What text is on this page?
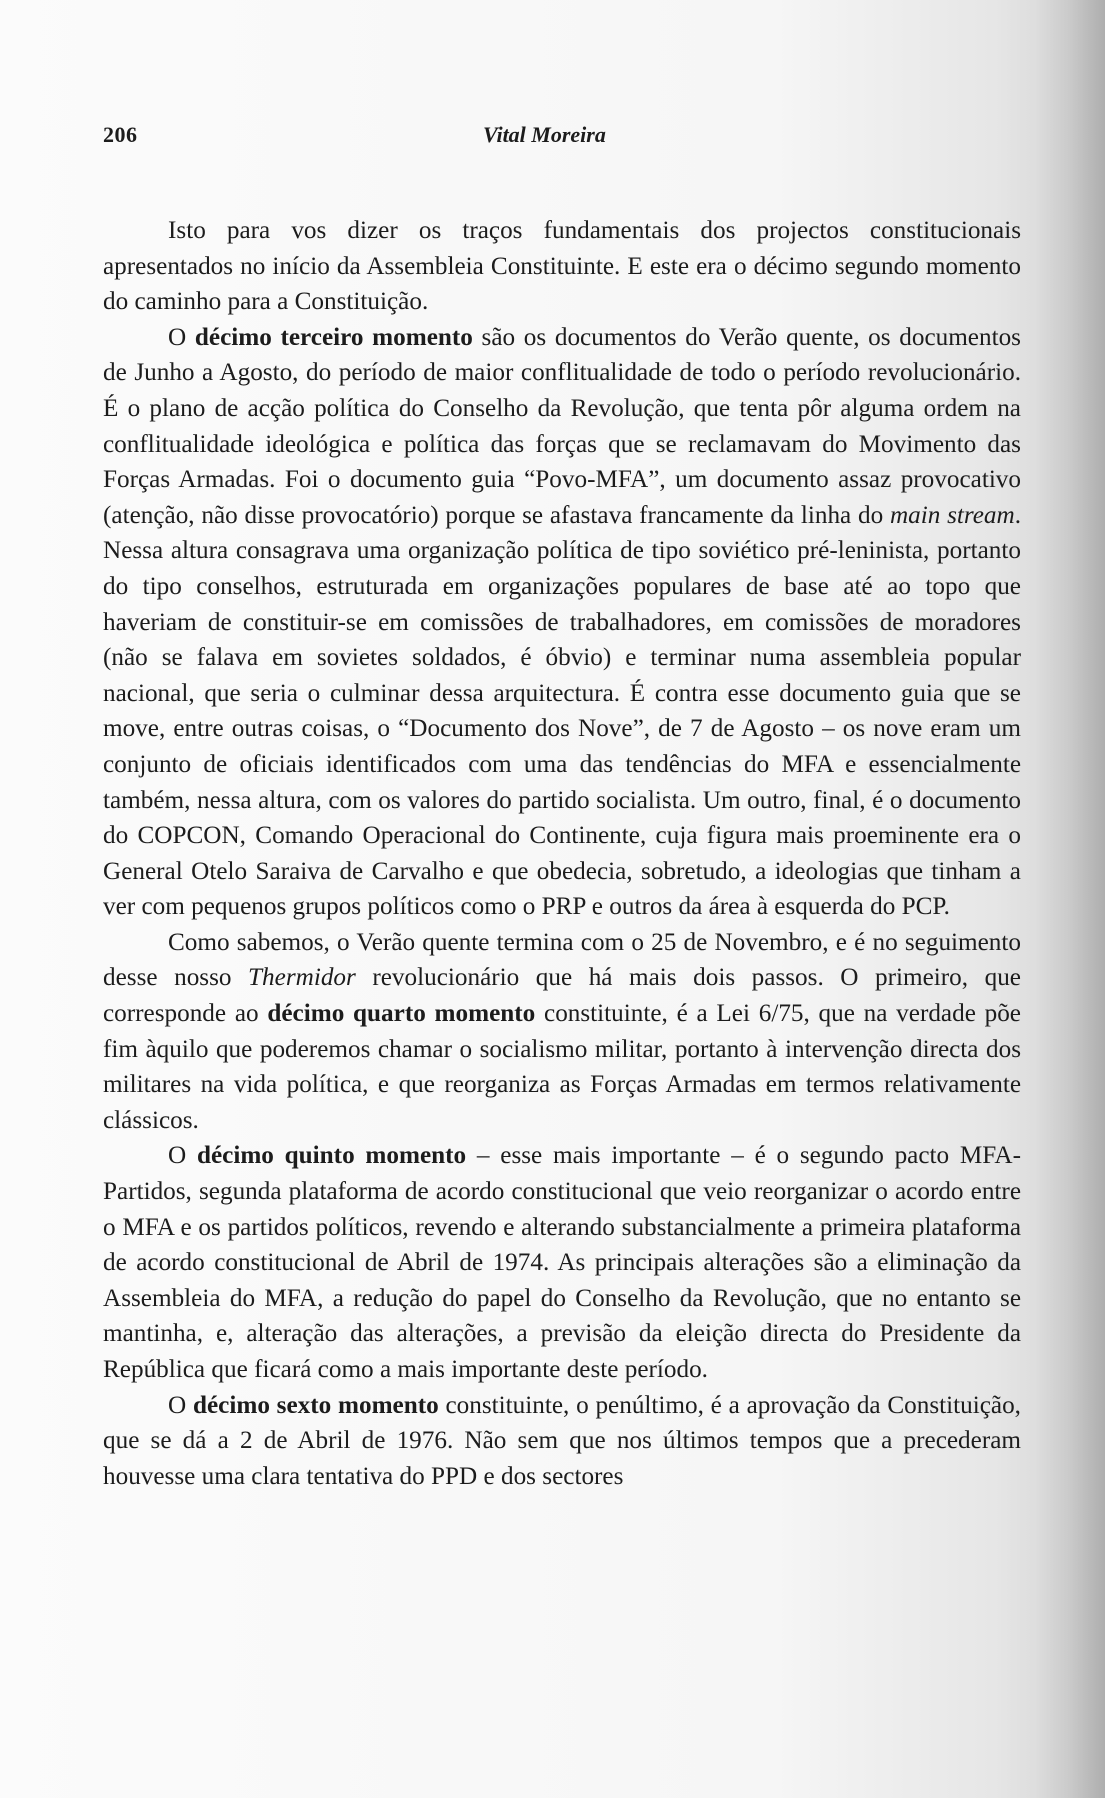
206	Vital Moreira

Isto para vos dizer os traços fundamentais dos projectos constitucionais apresentados no início da Assembleia Constituinte. E este era o décimo segundo momento do caminho para a Constituição.

O décimo terceiro momento são os documentos do Verão quente, os documentos de Junho a Agosto, do período de maior conflitualidade de todo o período revolucionário. É o plano de acção política do Conselho da Revolução, que tenta pôr alguma ordem na conflitualidade ideológica e política das forças que se reclamavam do Movimento das Forças Armadas. Foi o documento guia “Povo-MFA”, um documento assaz provocativo (atenção, não disse provocatório) porque se afastava francamente da linha do main stream. Nessa altura consagrava uma organização política de tipo soviético pré-leninista, portanto do tipo conselhos, estruturada em organizações populares de base até ao topo que haveriam de constituir-se em comissões de trabalhadores, em comissões de moradores (não se falava em sovietes soldados, é óbvio) e terminar numa assembleia popular nacional, que seria o culminar dessa arquitectura. É contra esse documento guia que se move, entre outras coisas, o “Documento dos Nove”, de 7 de Agosto – os nove eram um conjunto de oficiais identificados com uma das tendências do MFA e essencialmente também, nessa altura, com os valores do partido socialista. Um outro, final, é o documento do COPCON, Comando Operacional do Continente, cuja figura mais proeminente era o General Otelo Saraiva de Carvalho e que obedecia, sobretudo, a ideologias que tinham a ver com pequenos grupos políticos como o PRP e outros da área à esquerda do PCP.

Como sabemos, o Verão quente termina com o 25 de Novembro, e é no seguimento desse nosso Thermidor revolucionário que há mais dois passos. O primeiro, que corresponde ao décimo quarto momento constituinte, é a Lei 6/75, que na verdade põe fim àquilo que poderemos chamar o socialismo militar, portanto à intervenção directa dos militares na vida política, e que reorganiza as Forças Armadas em termos relativamente clássicos.

O décimo quinto momento – esse mais importante – é o segundo pacto MFA-Partidos, segunda plataforma de acordo constitucional que veio reorganizar o acordo entre o MFA e os partidos políticos, revendo e alterando substancialmente a primeira plataforma de acordo constitucional de Abril de 1974. As principais alterações são a eliminação da Assembleia do MFA, a redução do papel do Conselho da Revolução, que no entanto se mantinha, e, alteração das alterações, a previsão da eleição directa do Presidente da República que ficará como a mais importante deste período.

O décimo sexto momento constituinte, o penúltimo, é a aprovação da Constituição, que se dá a 2 de Abril de 1976. Não sem que nos últimos tempos que a precederam houvesse uma clara tentativa do PPD e dos sectores
